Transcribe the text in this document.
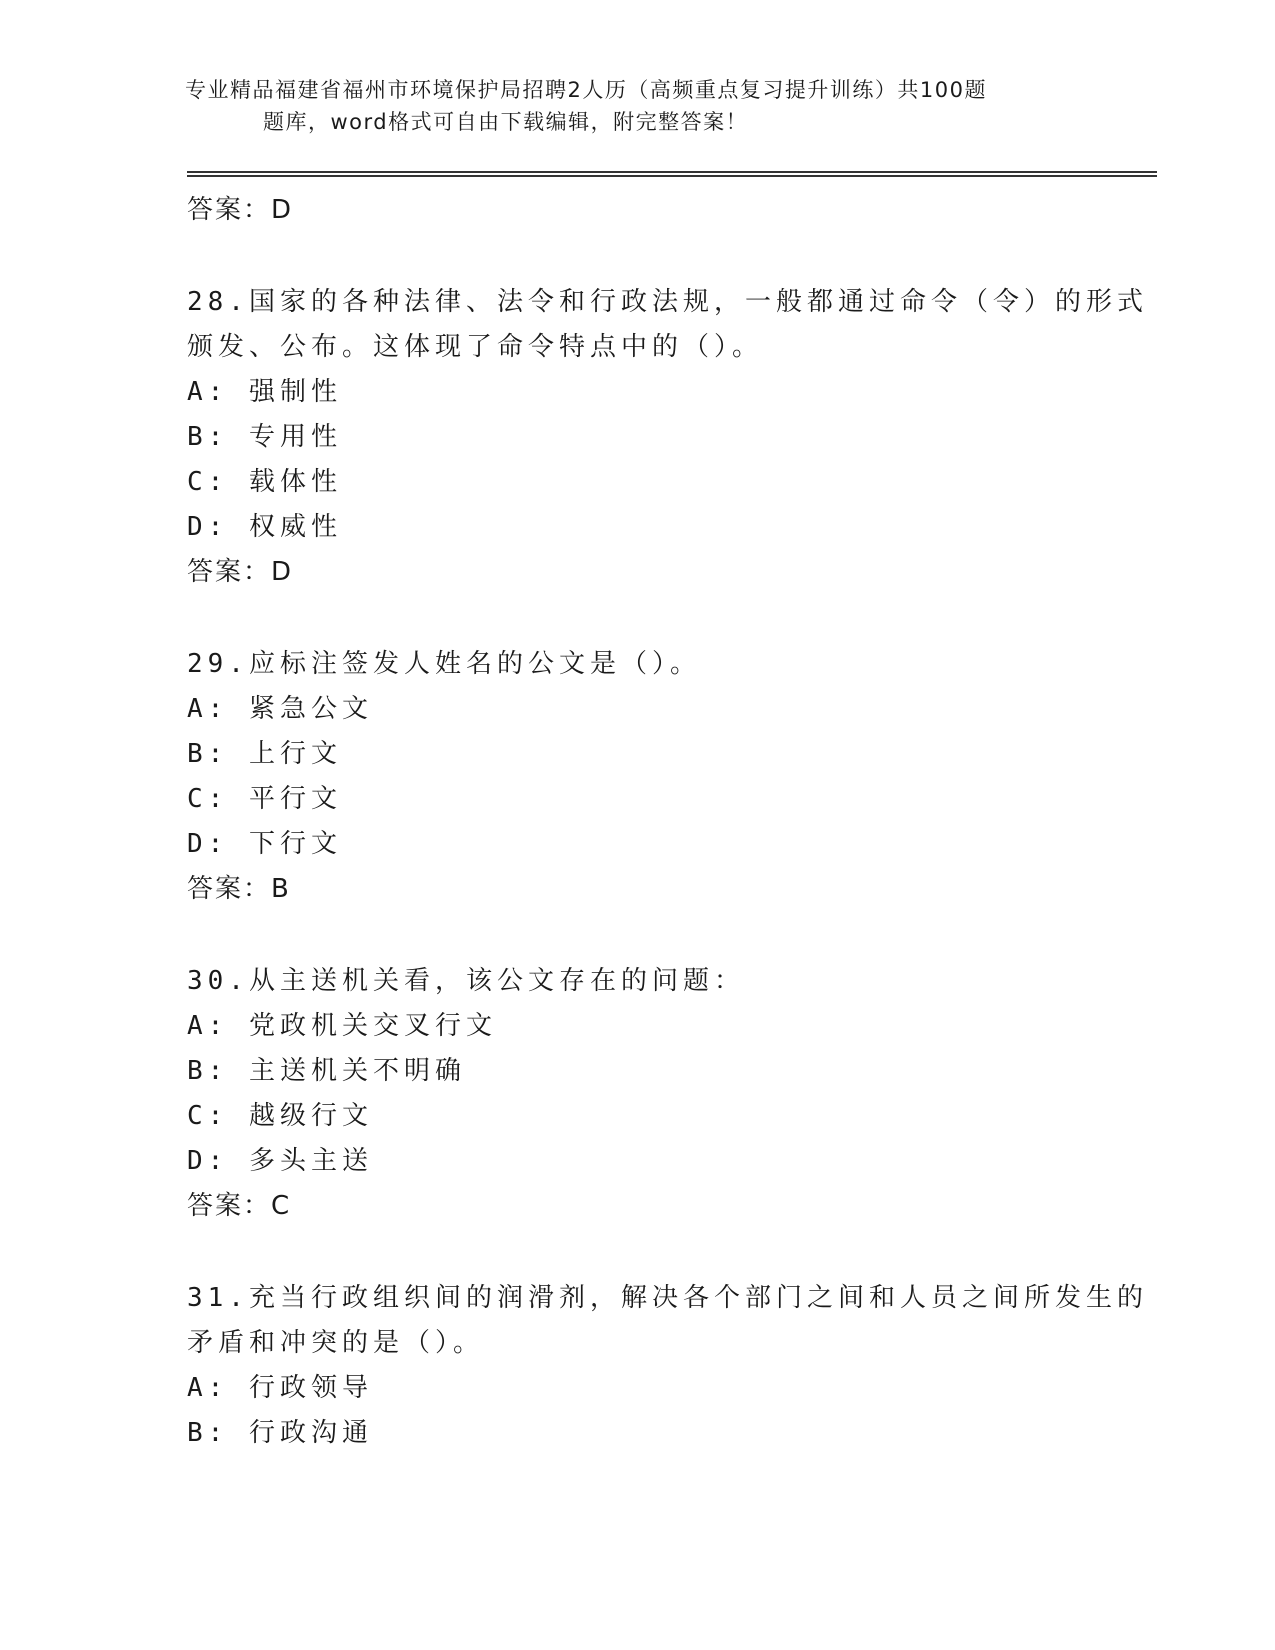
专业精品福建省福州市环境保护局招聘2人历（高频重点复习提升训练）共100题
题库，word格式可自由下载编辑，附完整答案！
答案：D
28.国家的各种法律、法令和行政法规，一般都通过命令（令）的形式
颁发、公布。这体现了命令特点中的（）。
A: 强制性
B: 专用性
C: 载体性
D: 权威性
答案：D
29.应标注签发人姓名的公文是（）。
A: 紧急公文
B: 上行文
C: 平行文
D: 下行文
答案：B
30.从主送机关看，该公文存在的问题：
A: 党政机关交叉行文
B: 主送机关不明确
C: 越级行文
D: 多头主送
答案：C
31.充当行政组织间的润滑剂，解决各个部门之间和人员之间所发生的
矛盾和冲突的是（）。
A: 行政领导
B: 行政沟通
